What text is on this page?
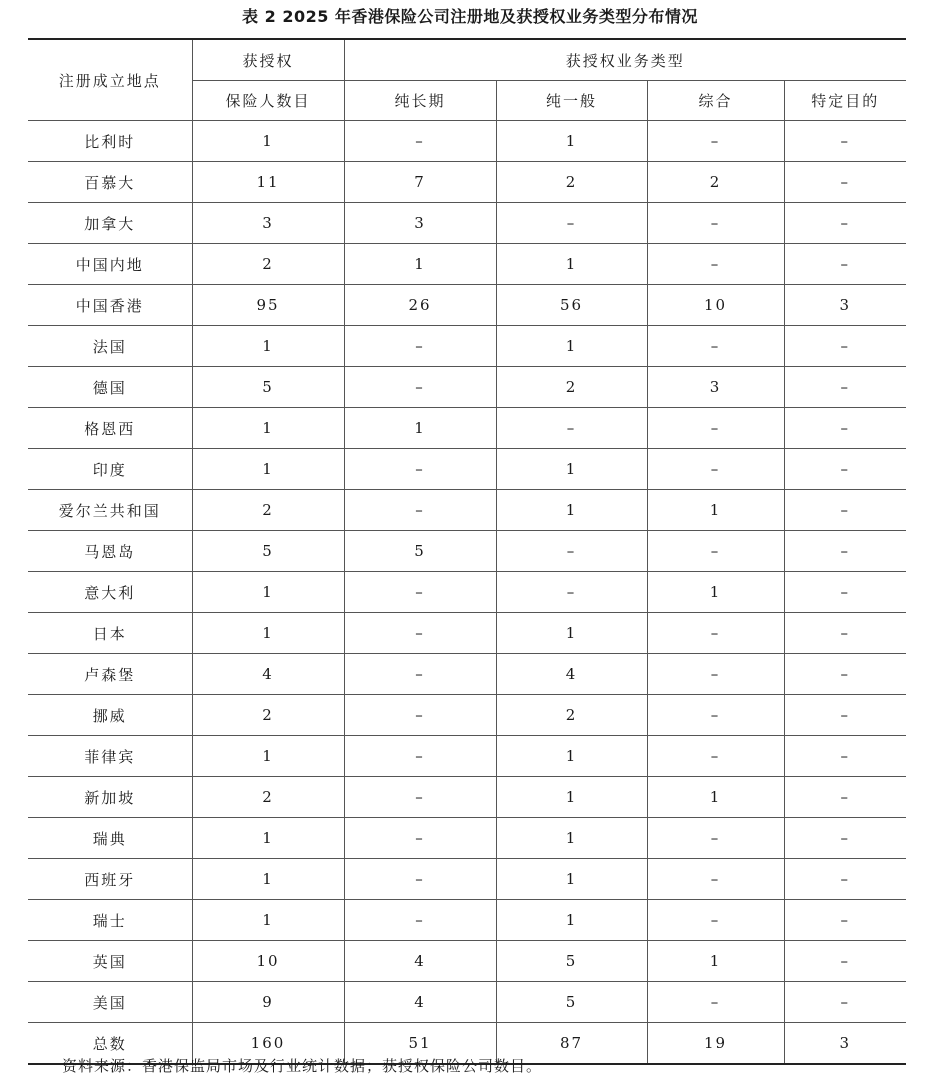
表 2 2025 年香港保险公司注册地及获授权业务类型分布情况
注册成立地点	获授权	获授权业务类型			
	保险人数目	纯长期	纯一般	综合	特定目的
比利时	1	–	1	–	–
百慕大	11	7	2	2	–
加拿大	3	3	–	–	–
中国内地	2	1	1	–	–
中国香港	95	26	56	10	3
法国	1	–	1	–	–
德国	5	–	2	3	–
格恩西	1	1	–	–	–
印度	1	–	1	–	–
爱尔兰共和国	2	–	1	1	–
马恩岛	5	5	–	–	–
意大利	1	–	–	1	–
日本	1	–	1	–	–
卢森堡	4	–	4	–	–
挪威	2	–	2	–	–
菲律宾	1	–	1	–	–
新加坡	2	–	1	1	–
瑞典	1	–	1	–	–
西班牙	1	–	1	–	–
瑞士	1	–	1	–	–
英国	10	4	5	1	–
美国	9	4	5	–	–
总数	160	51	87	19	3
资料来源：香港保监局市场及行业统计数据；获授权保险公司数目。
